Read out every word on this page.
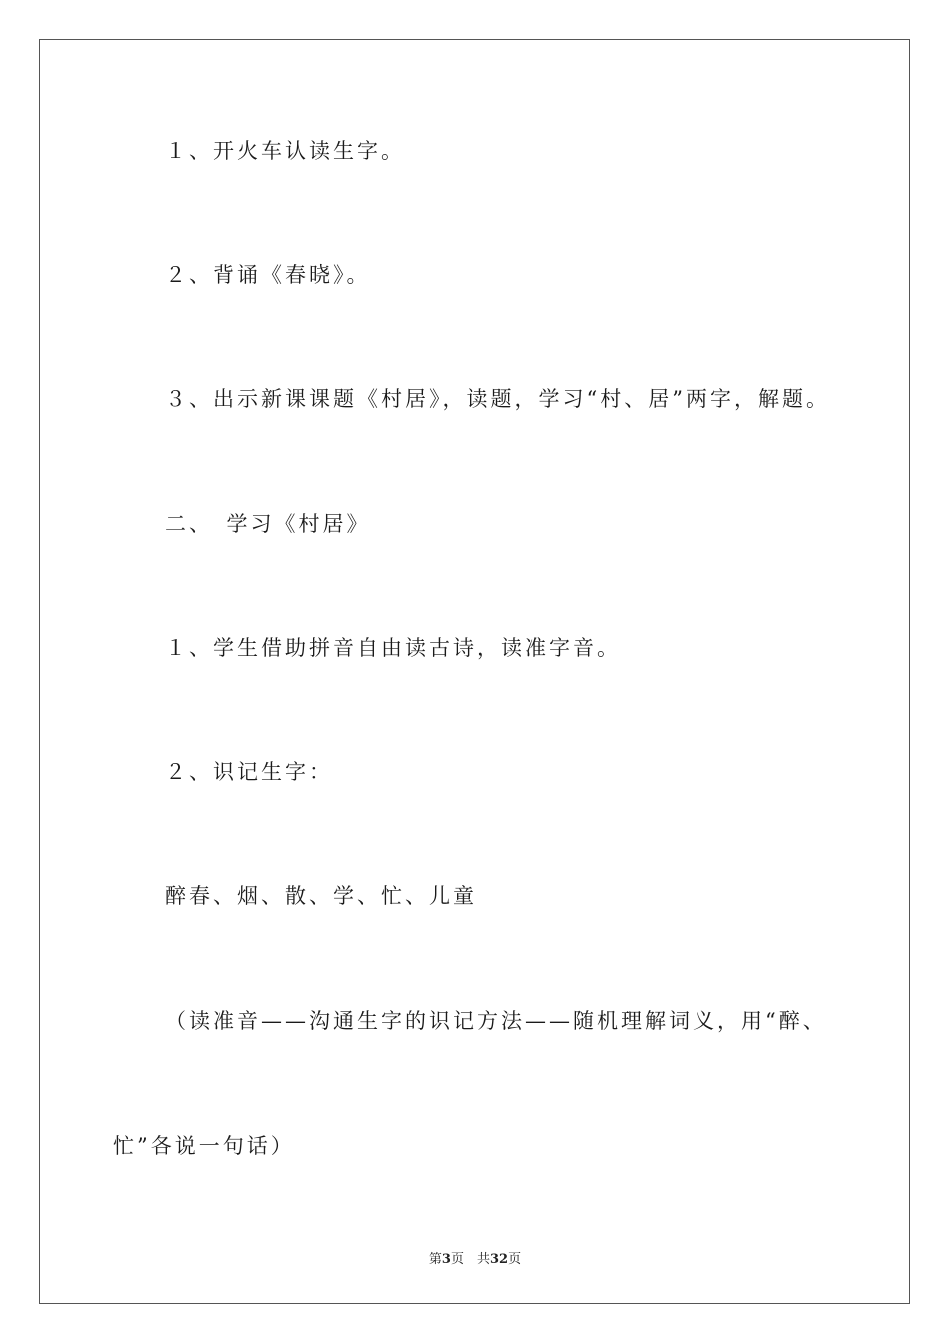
１、开火车认读生字。
２、背诵《春晓》。
３、出示新课课题《村居》，读题，学习“村、居”两字，解题。
二、　学习《村居》
１、学生借助拼音自由读古诗，读准字音。
２、识记生字：
醉春、烟、散、学、忙、儿童
（读准音——沟通生字的识记方法——随机理解词义，用“醉、
忙”各说一句话）
第3页　共32页
